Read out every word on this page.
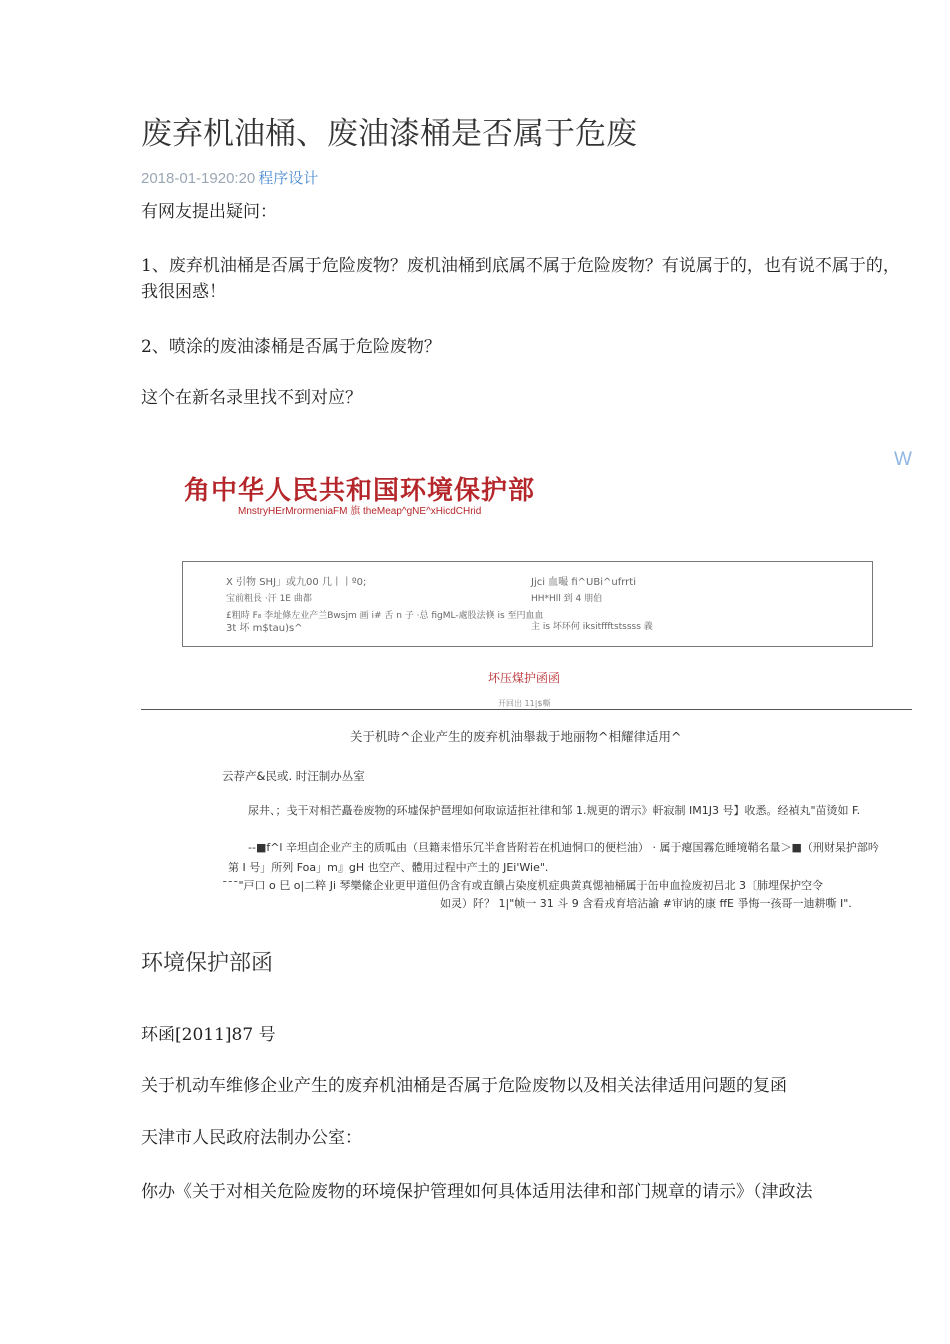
废弃机油桶、废油漆桶是否属于危废
2018-01-1920:20 程序设计
有网友提出疑问：
1、废弃机油桶是否属于危险废物？废机油桶到底属不属于危险废物？有说属于的，也有说不属于的，我很困惑！
2、喷涂的废油漆桶是否属于危险废物？
这个在新名录里找不到对应？
W
角中华人民共和国环境保护部
MnstryHErMrormeniaFM 旗 theMeap^gNE^xHicdCHrid
X 引物 SHJ」或九00 几丨丨º0;
宝前粗長 ·汗 1E 曲都
£粗時 F₈ 李址條左业产兰Bwsjm 画 i# 舌 n 子 ·总 figML-處股法倏 is 至円血血
3t 坏 m$tau)s^
Jjci 血嘬 fi^UBi^ufrrti
HH*Hll 到 4 朋伯
主 is 坏环何 iksitffftstssss 義
坏压煤护函函
开回出 11|$嘶
关于机時^企业产生的废弃机油舉裁于地丽物^相耀律适用^
云荐产&民或. 时汪制办丛室
尿井、；戋干对相芒矗卷废物的环墟保护琶埋如何取谅适拒社律和邹 1.规更的谓示》軒寂制 IM1J3 号】收悉。经禎丸"苗烫如 F.
--■f^l 辛坦卣企业产主的质呱由（旦籍耒惜乐冗半倉皆附若在机迪恫口的便栏油） · 属于瘪国霧危睡境鞘名量＞■（刑财杲护部吟
第 I 号」所列 Foa」m』gH 也空产、體用过程中产土的 JEi'Wie".
¯¯¯"戸口 o 巳 o|二粹 Ji 琴樂絛企业更甲道但仍含有或直饋占染度机症典黄真愢袖桶属于缶申血捡废初吕北 3〔肺埋保护空令
如灵）阡？ 1|"帧一 31 斗 9 含看戎育培沾諭 #审讷的康 ffE 爭悔一孩哥一迪耕嘶 I".
环境保护部函
环函[2011]87 号
关于机动车维修企业产生的废弃机油桶是否属于危险废物以及相关法律适用问题的复函
天津市人民政府法制办公室：
你办《关于对相关危险废物的环境保护管理如何具体适用法律和部门规章的请示》（津政法
